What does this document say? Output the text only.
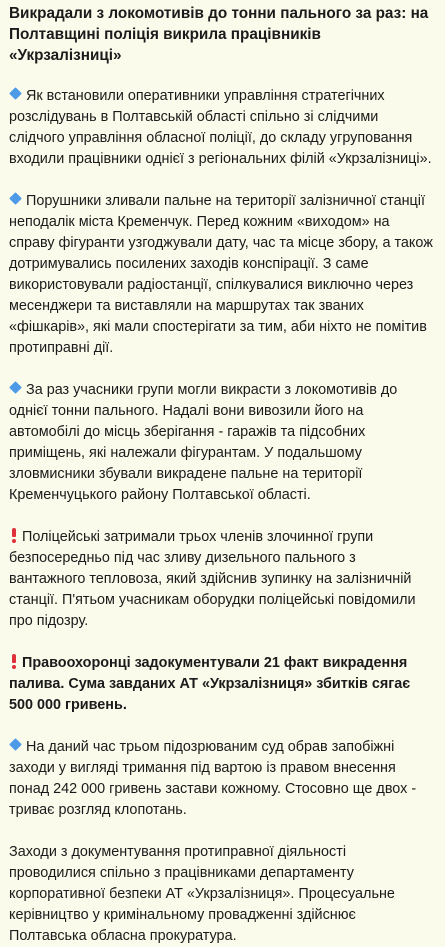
Викрадали з локомотивів до тонни пального за раз: на Полтавщині поліція викрила працівників «Укрзалізниці»
Як встановили оперативники управління стратегічних розслідувань в Полтавській області спільно зі слідчими слідчого управління обласної поліції, до складу угруповання входили працівники однієї з регіональних філій «Укрзалізниці».
Порушники зливали пальне на території залізничної станції неподалік міста Кременчук. Перед кожним «виходом» на справу фігуранти узгоджували дату, час та місце збору, а також дотримувались посилених заходів конспірації. З саме використовували радіостанції, спілкувалися виключно через месенджери та виставляли на маршрутах так званих «фішкарів», які мали спостерігати за тим, аби ніхто не помітив протиправні дії.
За раз учасники групи могли викрасти з локомотивів до однієї тонни пального. Надалі вони вивозили його на автомобілі до місць зберігання - гаражів та підсобних приміщень, які належали фігурантам. У подальшому зловмисники збували викрадене пальне на території Кременчуцького району Полтавської області.
Поліцейські затримали трьох членів злочинної групи безпосередньо під час зливу дизельного пального з вантажного тепловоза, який здійснив зупинку на залізничній станції. П'ятьом учасникам оборудки поліцейські повідомили про підозру.
Правоохоронці задокументували 21 факт викрадення палива. Сума завданих АТ «Укрзалізниця» збитків сягає 500 000 гривень.
На даний час трьом підозрюваним суд обрав запобіжні заходи у вигляді тримання під вартою із правом внесення понад 242 000 гривень застави кожному. Стосовно ще двох - триває розгляд клопотань.
Заходи з документування протиправної діяльності проводилися спільно з працівниками департаменту корпоративної безпеки АТ «Укрзалізниця». Процесуальне керівництво у кримінальному провадженні здійснює Полтавська обласна прокуратура.
